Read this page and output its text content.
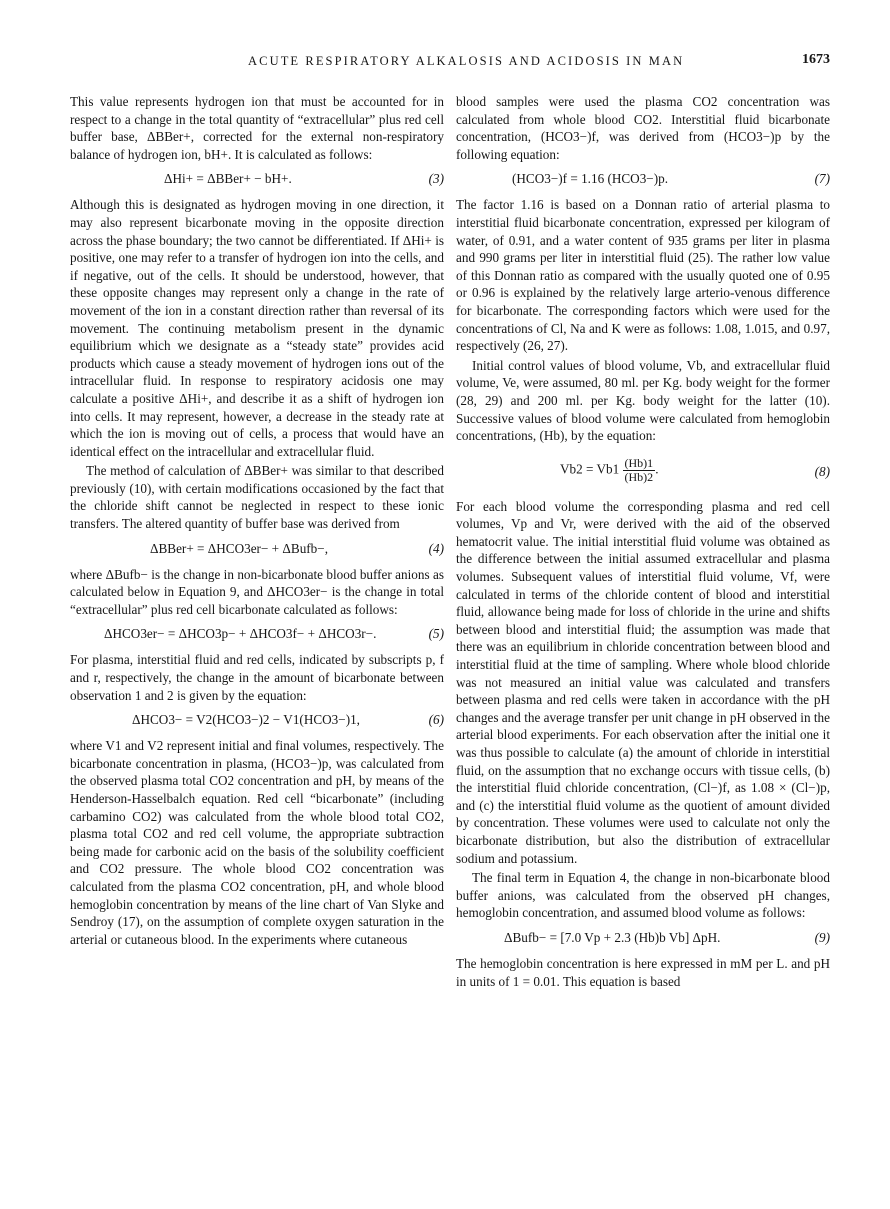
ACUTE RESPIRATORY ALKALOSIS AND ACIDOSIS IN MAN	1673

This value represents hydrogen ion that must be accounted for in respect to a change in the total quantity of “extracellular” plus red cell buffer base, ΔBBer+, corrected for the external non-respiratory balance of hydrogen ion, bH+. It is calculated as follows:

ΔHi+ = ΔBBer+ − bH+.	(3)

Although this is designated as hydrogen moving in one direction, it may also represent bicarbonate moving in the opposite direction across the phase boundary; the two cannot be differentiated. If ΔHi+ is positive, one may refer to a transfer of hydrogen ion into the cells, and if negative, out of the cells. It should be understood, however, that these opposite changes may represent only a change in the rate of movement of the ion in a constant direction rather than reversal of its movement. The continuing metabolism present in the dynamic equilibrium which we designate as a “steady state” provides acid products which cause a steady movement of hydrogen ions out of the intracellular fluid. In response to respiratory acidosis one may calculate a positive ΔHi+, and describe it as a shift of hydrogen ion into cells. It may represent, however, a decrease in the steady rate at which the ion is moving out of cells, a process that would have an identical effect on the intracellular and extracellular fluid.

The method of calculation of ΔBBer+ was similar to that described previously (10), with certain modifications occasioned by the fact that the chloride shift cannot be neglected in respect to these ionic transfers. The altered quantity of buffer base was derived from

ΔBBer+ = ΔHCO3er− + ΔBufb−,	(4)

where ΔBufb− is the change in non-bicarbonate blood buffer anions as calculated below in Equation 9, and ΔHCO3er− is the change in total “extracellular” plus red cell bicarbonate calculated as follows:

ΔHCO3er− = ΔHCO3p− + ΔHCO3f− + ΔHCO3r−.	(5)

For plasma, interstitial fluid and red cells, indicated by subscripts p, f and r, respectively, the change in the amount of bicarbonate between observation 1 and 2 is given by the equation:

ΔHCO3− = V2(HCO3−)2 − V1(HCO3−)1,	(6)

where V1 and V2 represent initial and final volumes, respectively. The bicarbonate concentration in plasma, (HCO3−)p, was calculated from the observed plasma total CO2 concentration and pH, by means of the Henderson-Hasselbalch equation. Red cell “bicarbonate” (including carbamino CO2) was calculated from the whole blood total CO2, plasma total CO2 and red cell volume, the appropriate subtraction being made for carbonic acid on the basis of the solubility coefficient and CO2 pressure. The whole blood CO2 concentration was calculated from the plasma CO2 concentration, pH, and whole blood hemoglobin concentration by means of the line chart of Van Slyke and Sendroy (17), on the assumption of complete oxygen saturation in the arterial or cutaneous blood. In the experiments where cutaneous

blood samples were used the plasma CO2 concentration was calculated from whole blood CO2. Interstitial fluid bicarbonate concentration, (HCO3−)f, was derived from (HCO3−)p by the following equation:

(HCO3−)f = 1.16 (HCO3−)p.	(7)

The factor 1.16 is based on a Donnan ratio of arterial plasma to interstitial fluid bicarbonate concentration, expressed per kilogram of water, of 0.91, and a water content of 935 grams per liter in plasma and 990 grams per liter in interstitial fluid (25). The rather low value of this Donnan ratio as compared with the usually quoted one of 0.95 or 0.96 is explained by the relatively large arterio-venous difference for bicarbonate. The corresponding factors which were used for the concentrations of Cl, Na and K were as follows: 1.08, 1.015, and 0.97, respectively (26, 27).

Initial control values of blood volume, Vb, and extracellular fluid volume, Ve, were assumed, 80 ml. per Kg. body weight for the former (28, 29) and 200 ml. per Kg. body weight for the latter (10). Successive values of blood volume were calculated from hemoglobin concentrations, (Hb), by the equation:

$Vb2 = Vb1 \frac{(Hb)1}{(Hb)2}$ .	(8)

For each blood volume the corresponding plasma and red cell volumes, Vp and Vr, were derived with the aid of the observed hematocrit value. The initial interstitial fluid volume was obtained as the difference between the initial assumed extracellular and plasma volumes. Subsequent values of interstitial fluid volume, Vf, were calculated in terms of the chloride content of blood and interstitial fluid, allowance being made for loss of chloride in the urine and shifts between blood and interstitial fluid; the assumption was made that there was an equilibrium in chloride concentration between blood and interstitial fluid at the time of sampling. Where whole blood chloride was not measured an initial value was calculated and transfers between plasma and red cells were taken in accordance with the pH changes and the average transfer per unit change in pH observed in the arterial blood experiments. For each observation after the initial one it was thus possible to calculate (a) the amount of chloride in interstitial fluid, on the assumption that no exchange occurs with tissue cells, (b) the interstitial fluid chloride concentration, (Cl−)f, as 1.08 × (Cl−)p, and (c) the interstitial fluid volume as the quotient of amount divided by concentration. These volumes were used to calculate not only the bicarbonate distribution, but also the distribution of extracellular sodium and potassium.

The final term in Equation 4, the change in non-bicarbonate blood buffer anions, was calculated from the observed pH changes, hemoglobin concentration, and assumed blood volume as follows:

ΔBufb− = [7.0 Vp + 2.3 (Hb)b Vb] ΔpH.	(9)

The hemoglobin concentration is here expressed in mM per L. and pH in units of 1 = 0.01. This equation is based
